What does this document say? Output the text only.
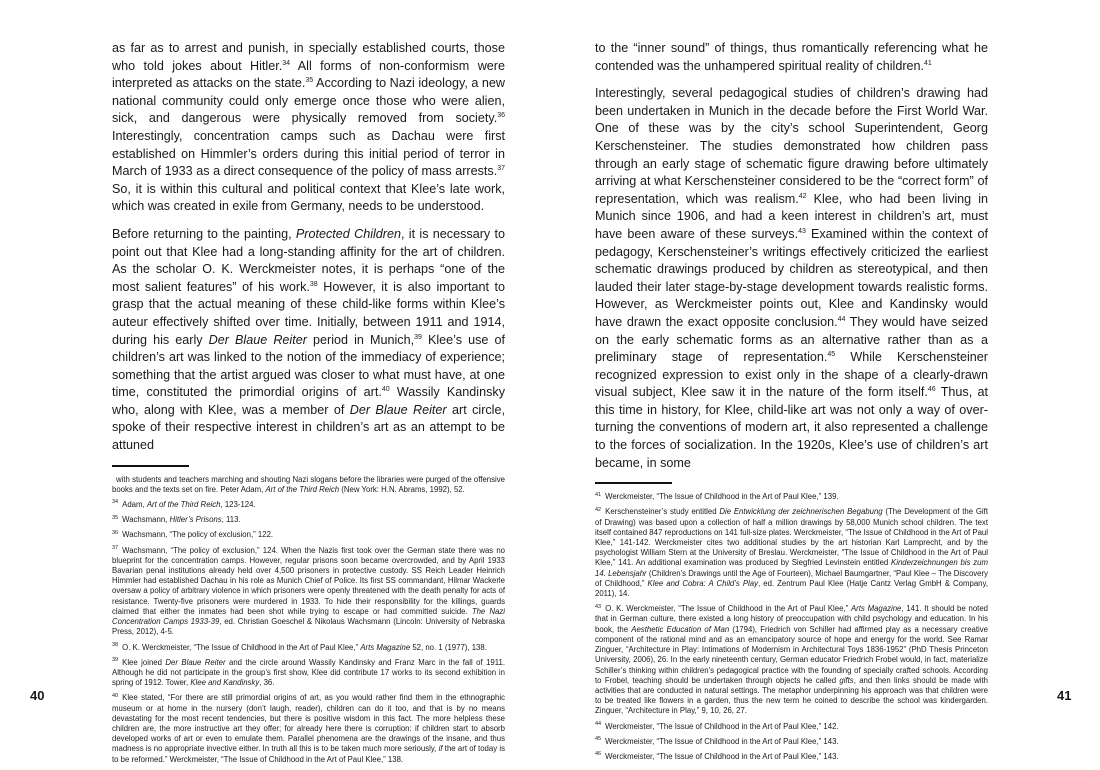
as far as to arrest and punish, in specially established courts, those who told jokes about Hitler.$^{34}$ All forms of non-conformism were interpreted as attacks on the state.$^{35}$ According to Nazi ideology, a new national community could only emerge once those who were alien, sick, and dangerous were physically removed from society.$^{36}$ Interestingly, concentration camps such as Dachau were first established on Himmler’s orders during this initial period of terror in March of 1933 as a direct consequence of the policy of mass arrests.$^{37}$ So, it is within this cultural and political context that Klee’s late work, which was created in exile from Germany, needs to be understood.

Before returning to the painting, Protected Children, it is necessary to point out that Klee had a long-standing affinity for the art of children. As the scholar O. K. Werckmeister notes, it is perhaps “one of the most salient features” of his work.$^{38}$ However, it is also important to grasp that the actual meaning of these child-like forms within Klee’s auteur effectively shifted over time. Initially, between 1911 and 1914, during his early Der Blaue Reiter period in Munich,$^{39}$ Klee’s use of children’s art was linked to the notion of the immediacy of experience; something that the artist argued was closer to what must have, at one time, constituted the primordial origins of art.$^{40}$ Wassily Kandinsky who, along with Klee, was a member of Der Blaue Reiter art circle, spoke of their respective interest in children’s art as an attempt to be attuned

with students and teachers marching and shouting Nazi slogans before the libraries were purged of the offensive books and the texts set on fire. Peter Adam, Art of the Third Reich (New York: H.N. Abrams, 1992), 52.
$^{34}$ Adam, Art of the Third Reich, 123-124.
$^{35}$ Wachsmann, Hitler’s Prisons, 113.
$^{36}$ Wachsmann, “The policy of exclusion,” 122.
$^{37}$ Wachsmann, “The policy of exclusion,” 124. When the Nazis first took over the German state there was no blueprint for the concentration camps. However, regular prisons soon became overcrowded, and by April 1933 Bavarian penal institutions already held over 4,500 prisoners in protective custody. SS Reich Leader Heinrich Himmler had established Dachau in his role as Munich Chief of Police. Its first SS commandant, Hilmar Wackerle oversaw a policy of arbitrary violence in which prisoners were openly threatened with the death penalty for acts of resistance. Twenty-five prisoners were murdered in 1933. To hide their responsibility for the killings, guards claimed that either the inmates had been shot while trying to escape or had committed suicide. The Nazi Concentration Camps 1933-39, ed. Christian Goeschel & Nikolaus Wachsmann (Lincoln: University of Nebraska Press, 2012), 4-5.
$^{38}$ O. K. Werckmeister, “The Issue of Childhood in the Art of Paul Klee,” Arts Magazine 52, no. 1 (1977), 138.
$^{39}$ Klee joined Der Blaue Reiter and the circle around Wassily Kandinsky and Franz Marc in the fall of 1911. Although he did not participate in the group’s first show, Klee did contribute 17 works to its second exhibition in spring of 1912. Tower, Klee and Kandinsky, 36.
$^{40}$ Klee stated, “For there are still primordial origins of art, as you would rather find them in the ethnographic museum or at home in the nursery (don’t laugh, reader), children can do it too, and that is by no means devastating for the most recent tendencies, but there is positive wisdom in this fact. The more helpless these children are, the more instructive art they offer; for already here there is corruption: if children start to absorb developed works of art or even to emulate them. Parallel phenomena are the drawings of the insane, and thus madness is no appropriate invective either. In truth all this is to be taken much more seriously, if the art of today is to be reformed.” Werckmeister, “The Issue of Childhood in the Art of Paul Klee,” 138.
40

to the “inner sound” of things, thus romantically referencing what he contended was the unhampered spiritual reality of children.$^{41}$

Interestingly, several pedagogical studies of children’s drawing had been undertaken in Munich in the decade before the First World War. One of these was by the city’s school Superintendent, Georg Kerschensteiner. The studies demonstrated how children pass through an early stage of schematic figure drawing before ultimately arriving at what Kerschensteiner considered to be the “correct form” of representation, which was realism.$^{42}$ Klee, who had been living in Munich since 1906, and had a keen interest in children’s art, must have been aware of these surveys.$^{43}$ Examined within the context of pedagogy, Kerschensteiner’s writings effectively criticized the earliest schematic drawings produced by children as stereotypical, and then lauded their later stage-by-stage development towards realistic forms. However, as Werckmeister points out, Klee and Kandinsky would have drawn the exact opposite conclusion.$^{44}$ They would have seized on the early schematic forms as an alternative rather than as a preliminary stage of representation.$^{45}$ While Kerschensteiner recognized expression to exist only in the shape of a clearly-drawn visual subject, Klee saw it in the nature of the form itself.$^{46}$ Thus, at this time in history, for Klee, child-like art was not only a way of over-turning the conventions of modern art, it also represented a challenge to the forces of socialization. In the 1920s, Klee’s use of children’s art became, in some

$^{41}$ Werckmeister, “The Issue of Childhood in the Art of Paul Klee,” 139.
$^{42}$ Kerschensteiner’s study entitled Die Entwicklung der zeichnerischen Begabung (The Development of the Gift of Drawing) was based upon a collection of half a million drawings by 58,000 Munich school children. The text itself contained 847 reproductions on 141 full-size plates. Werckmeister, “The Issue of Childhood in the Art of Paul Klee,” 141-142. Werckmeister cites two additional studies by the art historian Karl Lamprecht, and by the psychologist William Stern at the University of Breslau. Werckmeister, “The Issue of Childhood in the Art of Paul Klee,” 141. An additional examination was produced by Siegfried Levinstein entitled Kinderzeichnungen bis zum 14. Lebensjahr (Children’s Drawings until the Age of Fourteen), Michael Baumgartner, “Paul Klee – The Discovery of Childhood,” Klee and Cobra: A Child’s Play, ed. Zentrum Paul Klee (Hatje Cantz Verlag GmbH & Company, 2011), 14.
$^{43}$ O. K. Werckmeister, “The Issue of Childhood in the Art of Paul Klee,” Arts Magazine, 141. It should be noted that in German culture, there existed a long history of preoccupation with child psychology and education. In his book, the Aesthetic Education of Man (1794), Friedrich von Schiller had affirmed play as a necessary creative component of the rational mind and as an emancipatory source of hope and energy for the world. See Ramar Zinguer, “Architecture in Play: Intimations of Modernism in Architectural Toys 1836-1952” (PhD Thesis Princeton University, 2006), 26. In the early nineteenth century, German educator Friedrich Frobel would, in fact, materialize Schiller’s thinking within children’s pedagogical practice with the founding of specially crafted schools. According to Frobel, teaching should be undertaken through objects he called gifts, and then links should be made with activities that are conducted in natural settings. The metaphor underpinning his approach was that children were to be treated like flowers in a garden, thus the new term he coined to describe the school was kindergarden. Zinguer, “Architecture in Play,” 9, 10, 26, 27.
$^{44}$ Werckmeister, “The Issue of Childhood in the Art of Paul Klee,” 142.
$^{45}$ Werckmeister, “The Issue of Childhood in the Art of Paul Klee,” 143.
$^{46}$ Werckmeister, “The Issue of Childhood in the Art of Paul Klee,” 143.
41
